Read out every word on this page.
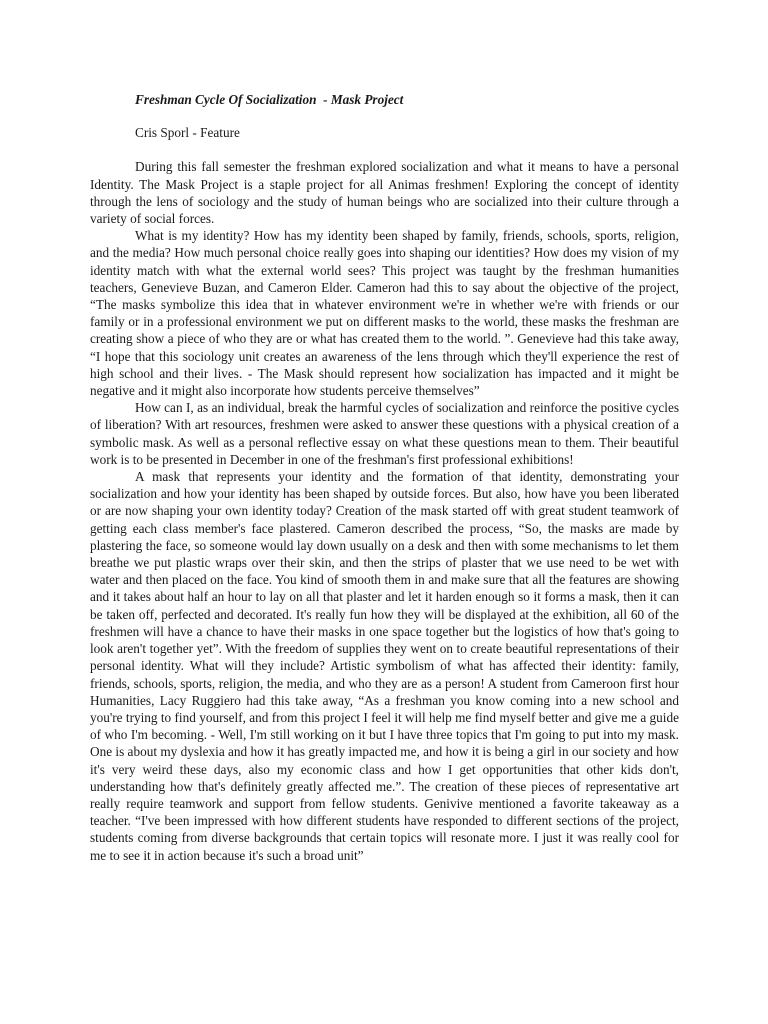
Freshman Cycle Of Socialization  - Mask Project
Cris Sporl - Feature

During this fall semester the freshman explored socialization and what it means to have a personal Identity. The Mask Project is a staple project for all Animas freshmen! Exploring the concept of identity through the lens of sociology and the study of human beings who are socialized into their culture through a variety of social forces.

What is my identity? How has my identity been shaped by family, friends, schools, sports, religion, and the media? How much personal choice really goes into shaping our identities? How does my vision of my identity match with what the external world sees? This project was taught by the freshman humanities teachers, Genevieve Buzan, and Cameron Elder. Cameron had this to say about the objective of the project, “The masks symbolize this idea that in whatever environment we're in whether we're with friends or our family or in a professional environment we put on different masks to the world, these masks the freshman are creating show a piece of who they are or what has created them to the world. ”. Genevieve had this take away, “I hope that this sociology unit creates an awareness of the lens through which they'll experience the rest of high school and their lives. - The Mask should represent how socialization has impacted and it might be negative and it might also incorporate how students perceive themselves”

How can I, as an individual, break the harmful cycles of socialization and reinforce the positive cycles of liberation? With art resources, freshmen were asked to answer these questions with a physical creation of a symbolic mask. As well as a personal reflective essay on what these questions mean to them. Their beautiful work is to be presented in December in one of the freshman's first professional exhibitions!

A mask that represents your identity and the formation of that identity, demonstrating your socialization and how your identity has been shaped by outside forces. But also, how have you been liberated or are now shaping your own identity today? Creation of the mask started off with great student teamwork of getting each class member's face plastered. Cameron described the process, “So, the masks are made by plastering the face, so someone would lay down usually on a desk and then with some mechanisms to let them breathe we put plastic wraps over their skin, and then the strips of plaster that we use need to be wet with water and then placed on the face. You kind of smooth them in and make sure that all the features are showing and it takes about half an hour to lay on all that plaster and let it harden enough so it forms a mask, then it can be taken off, perfected and decorated. It's really fun how they will be displayed at the exhibition, all 60 of the freshmen will have a chance to have their masks in one space together but the logistics of how that's going to look aren't together yet”. With the freedom of supplies they went on to create beautiful representations of their personal identity. What will they include? Artistic symbolism of what has affected their identity: family, friends, schools, sports, religion, the media, and who they are as a person! A student from Cameroon first hour Humanities, Lacy Ruggiero had this take away, “As a freshman you know coming into a new school and you're trying to find yourself, and from this project I feel it will help me find myself better and give me a guide of who I'm becoming. - Well, I'm still working on it but I have three topics that I'm going to put into my mask. One is about my dyslexia and how it has greatly impacted me, and how it is being a girl in our society and how it's very weird these days, also my economic class and how I get opportunities that other kids don't, understanding how that's definitely greatly affected me.”. The creation of these pieces of representative art really require teamwork and support from fellow students. Genivive mentioned a favorite takeaway as a teacher. “I've been impressed with how different students have responded to different sections of the project, students coming from diverse backgrounds that certain topics will resonate more. I just it was really cool for me to see it in action because it's such a broad unit”
